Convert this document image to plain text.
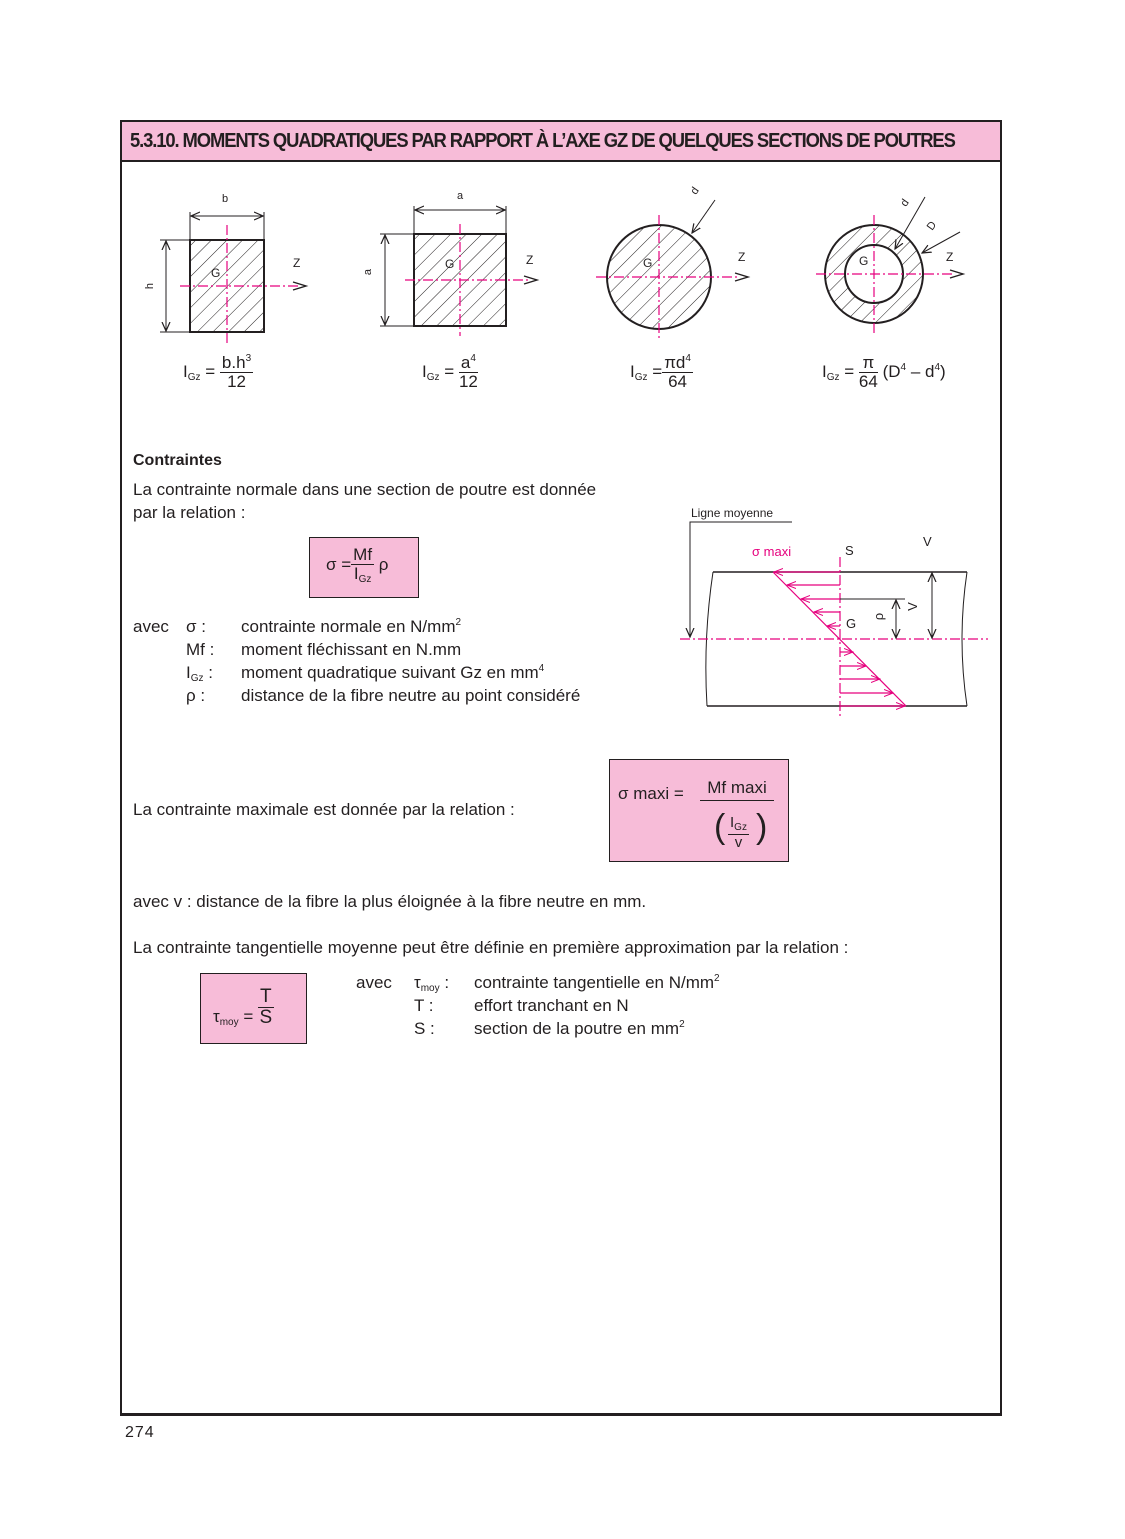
5.3.10. MOMENTS QUADRATIQUES PAR RAPPORT À L’AXE GZ DE QUELQUES SECTIONS DE POUTRES
b
h
G
Z
a
a
G	Z
d
G	Z
d
D
G	Z
$I_{Gz} = \frac{b.h^3}{12}$	$I_{Gz} = \frac{a^4}{12}$	$I_{Gz} = \frac{\pi d^4}{64}$	$I_{Gz} = \frac{\pi}{64} (D^4 - d^4)$
Contraintes
La contrainte normale dans une section de poutre est donnée
par la relation :
$\sigma = \frac{Mf}{I_{Gz}}$ ρ
avec σ : contrainte normale en $N/mm^2$
Mf : moment fléchissant en N.mm
$I_{Gz}$ : moment quadratique suivant Gz en $mm^4$
ρ : distance de la fibre neutre au point considéré
Ligne moyenne
σ maxi	S
V
V
ρ
G
La contrainte maximale est donnée par la relation :
σ maxi =	Mf maxi
( $\frac{I_{Gz}}{v}$ )
avec v : distance de la fibre la plus éloignée à la fibre neutre en mm.
La contrainte tangentielle moyenne peut être définie en première approximation par la relation :
$\tau_{moy} = \frac{T}{S}$
avec $\tau_{moy}$ : contrainte tangentielle en $N/mm^2$
T : effort tranchant en N
S : section de la poutre en $mm^2$
274
